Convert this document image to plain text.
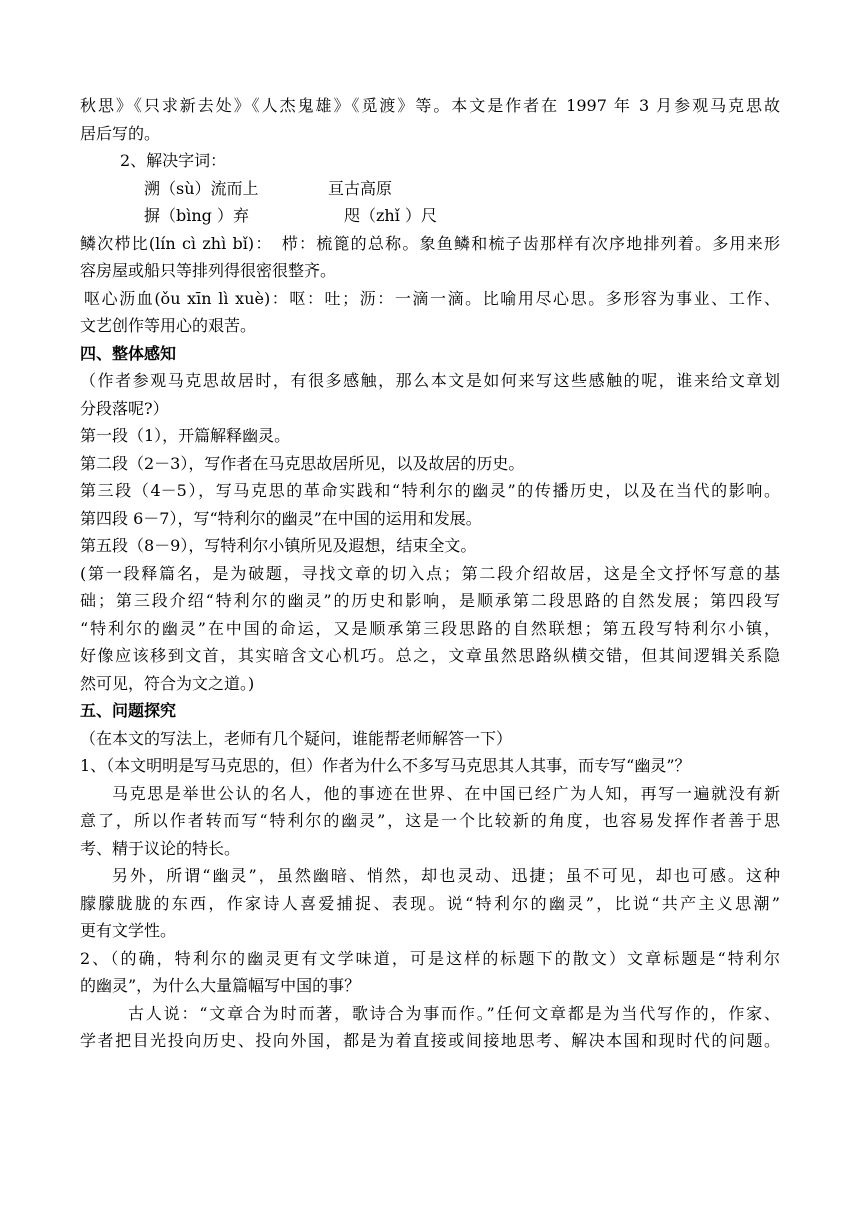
秋思》《只求新去处》《人杰鬼雄》《觅渡》等。本文是作者在 1997 年 3 月参观马克思故
居后写的。
2、解决字词：
溯（sù）流而上	亘古高原
摒（bìng ）弃	咫（zhǐ ）尺
鳞次栉比(lín cì zhì bǐ)：　栉：梳篦的总称。象鱼鳞和梳子齿那样有次序地排列着。多用来形
容房屋或船只等排列得很密很整齐。
呕心沥血(ǒu xīn lì xuè)：呕：吐；沥：一滴一滴。比喻用尽心思。多形容为事业、工作、
文艺创作等用心的艰苦。
四、整体感知
（作者参观马克思故居时，有很多感触，那么本文是如何来写这些感触的呢，谁来给文章划
分段落呢?）
第一段（1），开篇解释幽灵。
第二段（2－3），写作者在马克思故居所见，以及故居的历史。
第三段（4－5），写马克思的革命实践和“特利尔的幽灵”的传播历史，以及在当代的影响。
第四段 6－7），写“特利尔的幽灵”在中国的运用和发展。
第五段（8－9），写特利尔小镇所见及遐想，结束全文。
(第一段释篇名，是为破题，寻找文章的切入点；第二段介绍故居，这是全文抒怀写意的基
础；第三段介绍“特利尔的幽灵”的历史和影响，是顺承第二段思路的自然发展；第四段写
“特利尔的幽灵”在中国的命运，又是顺承第三段思路的自然联想；第五段写特利尔小镇，
好像应该移到文首，其实暗含文心机巧。总之，文章虽然思路纵横交错，但其间逻辑关系隐
然可见，符合为文之道。)
五、问题探究
（在本文的写法上，老师有几个疑问，谁能帮老师解答一下）
1、（本文明明是写马克思的，但）作者为什么不多写马克思其人其事，而专写“幽灵”？
马克思是举世公认的名人，他的事迹在世界、在中国已经广为人知，再写一遍就没有新
意了，所以作者转而写“特利尔的幽灵”，这是一个比较新的角度，也容易发挥作者善于思
考、精于议论的特长。
另外，所谓“幽灵”，虽然幽暗、悄然，却也灵动、迅捷；虽不可见，却也可感。这种
朦朦胧胧的东西，作家诗人喜爱捕捉、表现。说“特利尔的幽灵”，比说“共产主义思潮”
更有文学性。
2、（的确，特利尔的幽灵更有文学味道，可是这样的标题下的散文）文章标题是“特利尔
的幽灵”，为什么大量篇幅写中国的事？
古人说：“文章合为时而著，歌诗合为事而作。”任何文章都是为当代写作的，作家、
学者把目光投向历史、投向外国，都是为着直接或间接地思考、解决本国和现时代的问题。
